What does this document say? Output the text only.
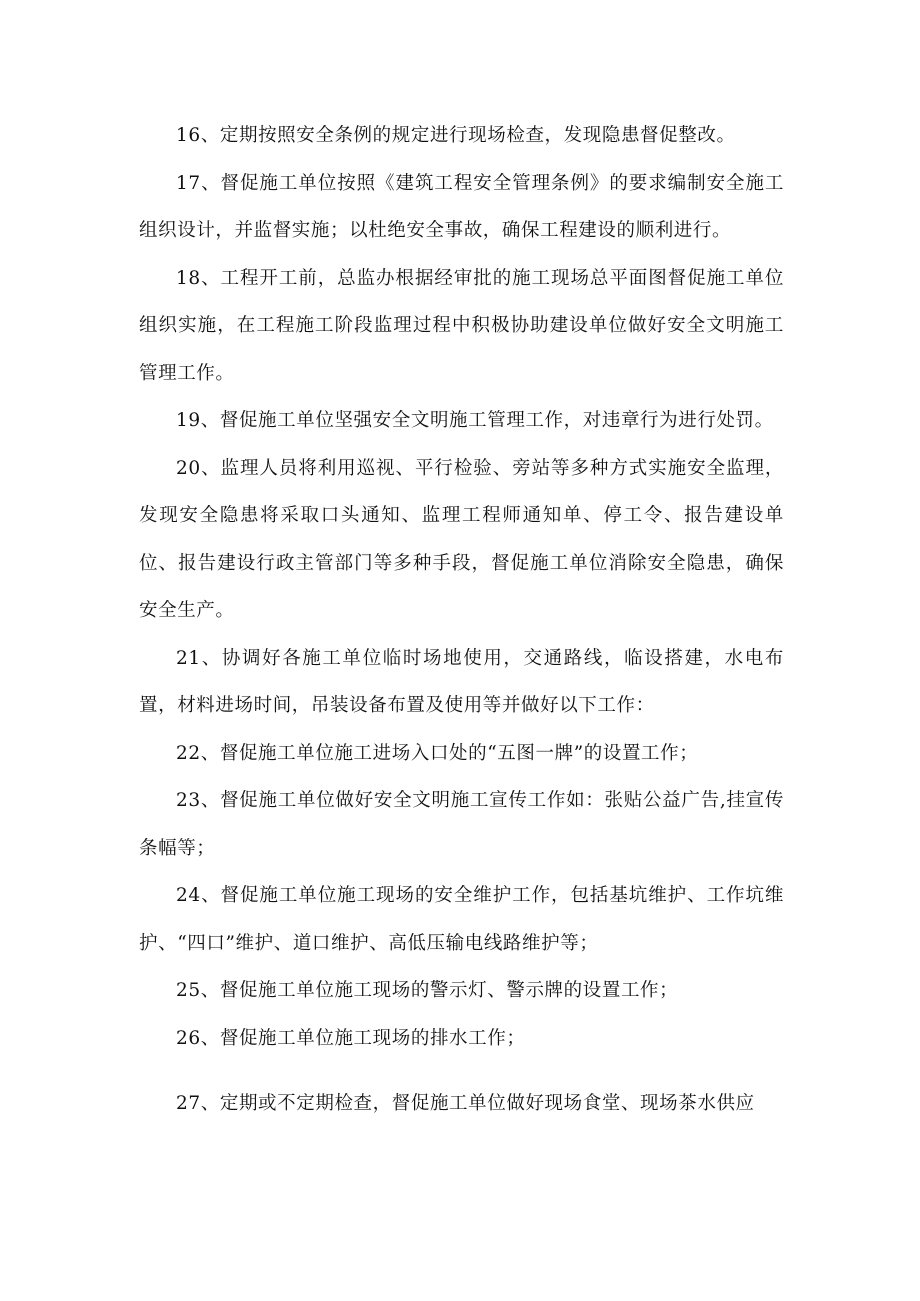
16、定期按照安全条例的规定进行现场检查，发现隐患督促整改。

17、督促施工单位按照《建筑工程安全管理条例》的要求编制安全施工组织设计，并监督实施；以杜绝安全事故，确保工程建设的顺利进行。

18、工程开工前，总监办根据经审批的施工现场总平面图督促施工单位组织实施，在工程施工阶段监理过程中积极协助建设单位做好安全文明施工管理工作。

19、督促施工单位坚强安全文明施工管理工作，对违章行为进行处罚。

20、监理人员将利用巡视、平行检验、旁站等多种方式实施安全监理，发现安全隐患将采取口头通知、监理工程师通知单、停工令、报告建设单位、报告建设行政主管部门等多种手段，督促施工单位消除安全隐患，确保安全生产。

21、协调好各施工单位临时场地使用，交通路线，临设搭建，水电布置，材料进场时间，吊装设备布置及使用等并做好以下工作：

22、督促施工单位施工进场入口处的“五图一牌”的设置工作；

23、督促施工单位做好安全文明施工宣传工作如：张贴公益广告,挂宣传条幅等；

24、督促施工单位施工现场的安全维护工作，包括基坑维护、工作坑维护、“四口”维护、道口维护、高低压输电线路维护等；

25、督促施工单位施工现场的警示灯、警示牌的设置工作；

26、督促施工单位施工现场的排水工作；

27、定期或不定期检查，督促施工单位做好现场食堂、现场茶水供应
